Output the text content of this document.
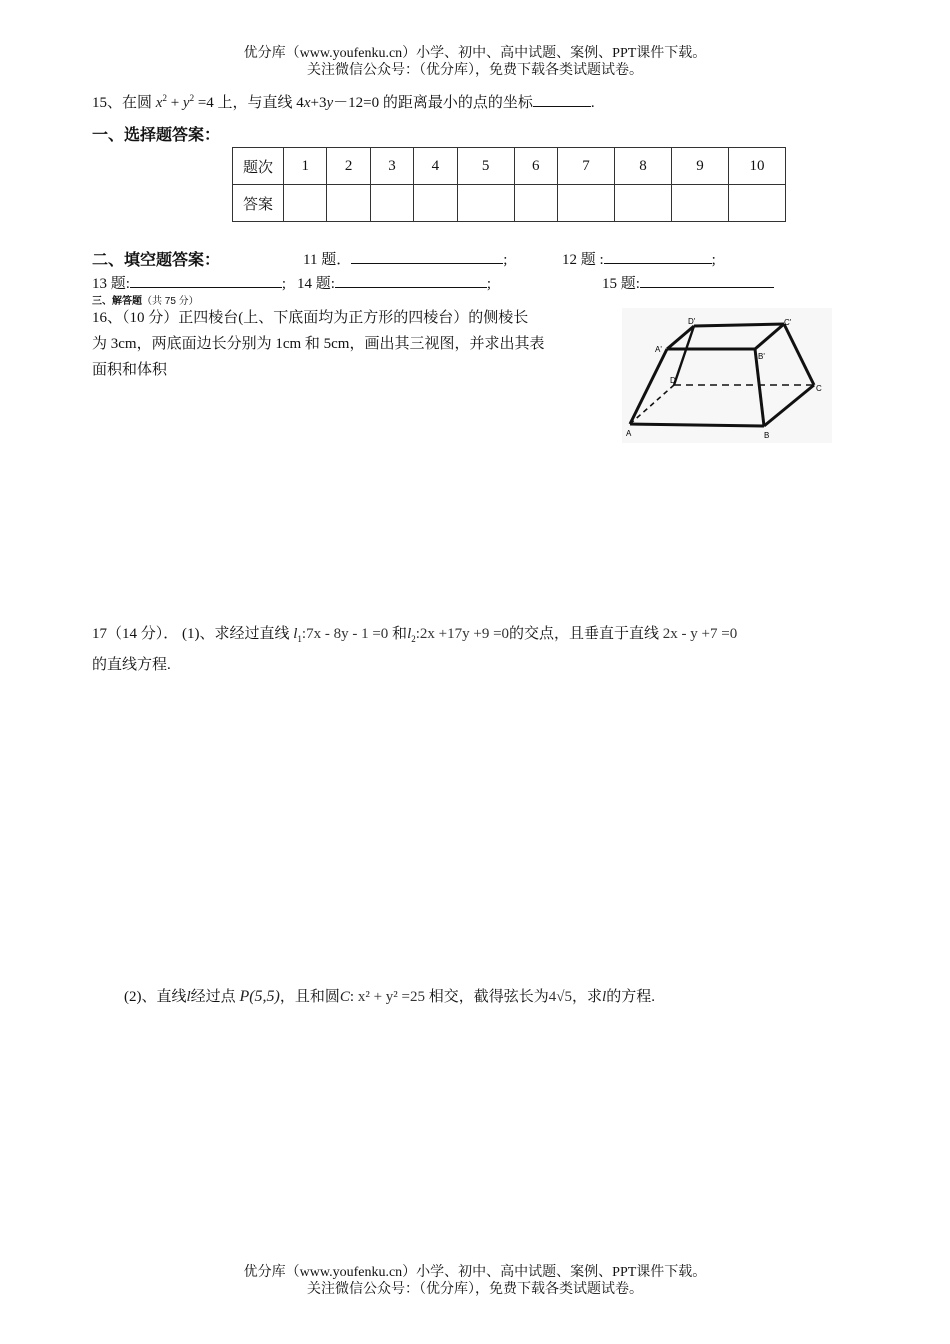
优分库（www.youfenku.cn）小学、初中、高中试题、案例、PPT课件下载。
关注微信公众号：（优分库），免费下载各类试题试卷。
15、在圆 $x^2 + y^2 =4$ 上，与直线 4x+3y－12=0 的距离最小的点的坐标	.
一、选择题答案：
题次	1	2	3	4	5	6	7	8	9	10
答案										
二、填空题答案：	11 题．	;	12 题 :	;
13 题:	; 14 题:	;	15 题:
三、解答题（共 75 分）
16、（10 分）正四棱台(上、下底面均为正方形的四棱台）的侧棱长
为 3cm，两底面边长分别为 1cm 和 5cm，画出其三视图，并求出其表
面积和体积
D'	C'
A'
B'
D
C
A	B
17（14 分）． (1)、求经过直线 $l_1:7x - 8y - 1 =0$ 和$l_2:2x +17y +9 =0$的交点，且垂直于直线 2x - y +7 =0
的直线方程.
(2)、直线l经过点 P(5,5)，且和圆C: x² + y² =25 相交，截得弦长为4√5，求l的方程.
优分库（www.youfenku.cn）小学、初中、高中试题、案例、PPT课件下载。
关注微信公众号：（优分库），免费下载各类试题试卷。
